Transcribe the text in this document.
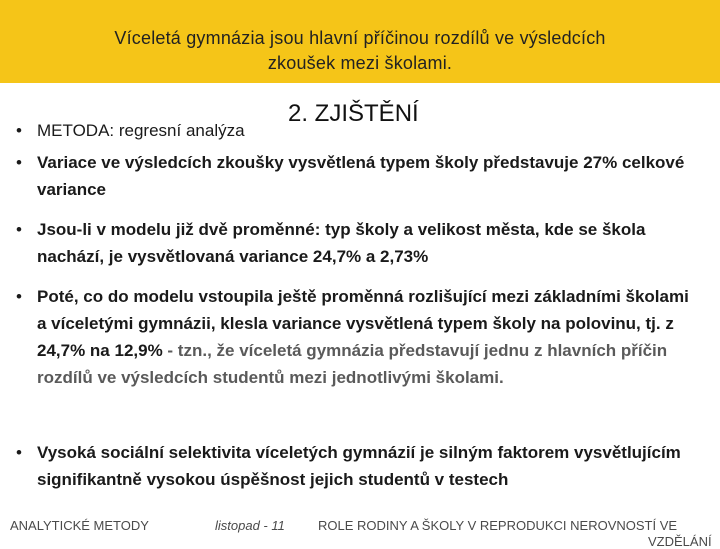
Víceletá gymnázia jsou hlavní příčinou rozdílů ve výsledcích
zkoušek mezi školami.
• METODA: regresní analýza
2. ZJIŠTĚNÍ
• Variace ve výsledcích zkoušky vysvětlená typem školy představuje 27% celkové variance
• Jsou-li v modelu již dvě proměnné: typ školy a velikost města, kde se škola nachází, je vysvětlovaná variance 24,7% a 2,73%
• Poté, co do modelu vstoupila ještě proměnná rozlišující mezi základními školami a víceletými gymnázii, klesla variance vysvětlená typem školy na polovinu, tj. z 24,7% na 12,9% - tzn., že víceletá gymnázia představují jednu z hlavních příčin rozdílů ve výsledcích studentů mezi jednotlivými školami.
• Vysoká sociální selektivita víceletých gymnázií je silným faktorem vysvětlujícím signifikantně vysokou úspěšnost jejich studentů v testech
ANALYTICKÉ METODY	listopad - 11	ROLE RODINY A ŠKOLY V REPRODUKCI NEROVNOSTÍ VE
VZDĚLÁNÍ
